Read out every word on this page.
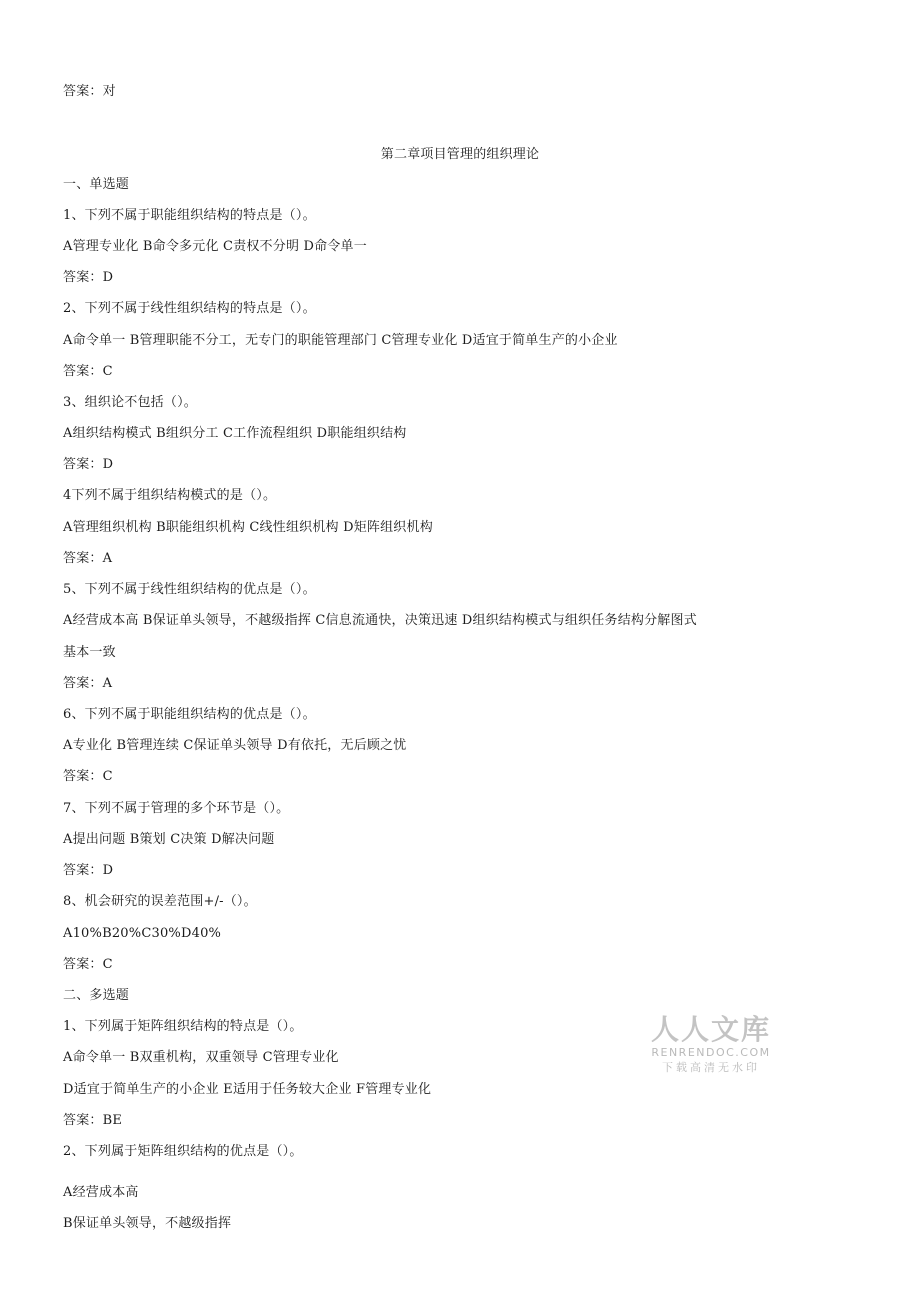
答案：对
第二章项目管理的组织理论
一、单选题
1、下列不属于职能组织结构的特点是（）。
A管理专业化 B命令多元化 C责权不分明 D命令单一
答案：D
2、下列不属于线性组织结构的特点是（）。
A命令单一 B管理职能不分工，无专门的职能管理部门 C管理专业化 D适宜于简单生产的小企业
答案：C
3、组织论不包括（）。
A组织结构模式 B组织分工 C工作流程组织 D职能组织结构
答案：D
4下列不属于组织结构模式的是（）。
A管理组织机构 B职能组织机构 C线性组织机构 D矩阵组织机构
答案：A
5、下列不属于线性组织结构的优点是（）。
A经营成本高 B保证单头领导，不越级指挥 C信息流通快，决策迅速 D组织结构模式与组织任务结构分解图式
基本一致
答案：A
6、下列不属于职能组织结构的优点是（）。
A专业化 B管理连续 C保证单头领导 D有依托，无后顾之忧
答案：C
7、下列不属于管理的多个环节是（）。
A提出问题 B策划 C决策 D解决问题
答案：D
8、机会研究的误差范围+/-（）。
A10%B20%C30%D40%
答案：C
二、多选题
1、下列属于矩阵组织结构的特点是（）。
A命令单一 B双重机构，双重领导 C管理专业化
D适宜于简单生产的小企业 E适用于任务较大企业 F管理专业化
答案：BE
2、下列属于矩阵组织结构的优点是（）。
A经营成本高
B保证单头领导，不越级指挥
人人文库
RENRENDOC.COM
下载高清无水印
